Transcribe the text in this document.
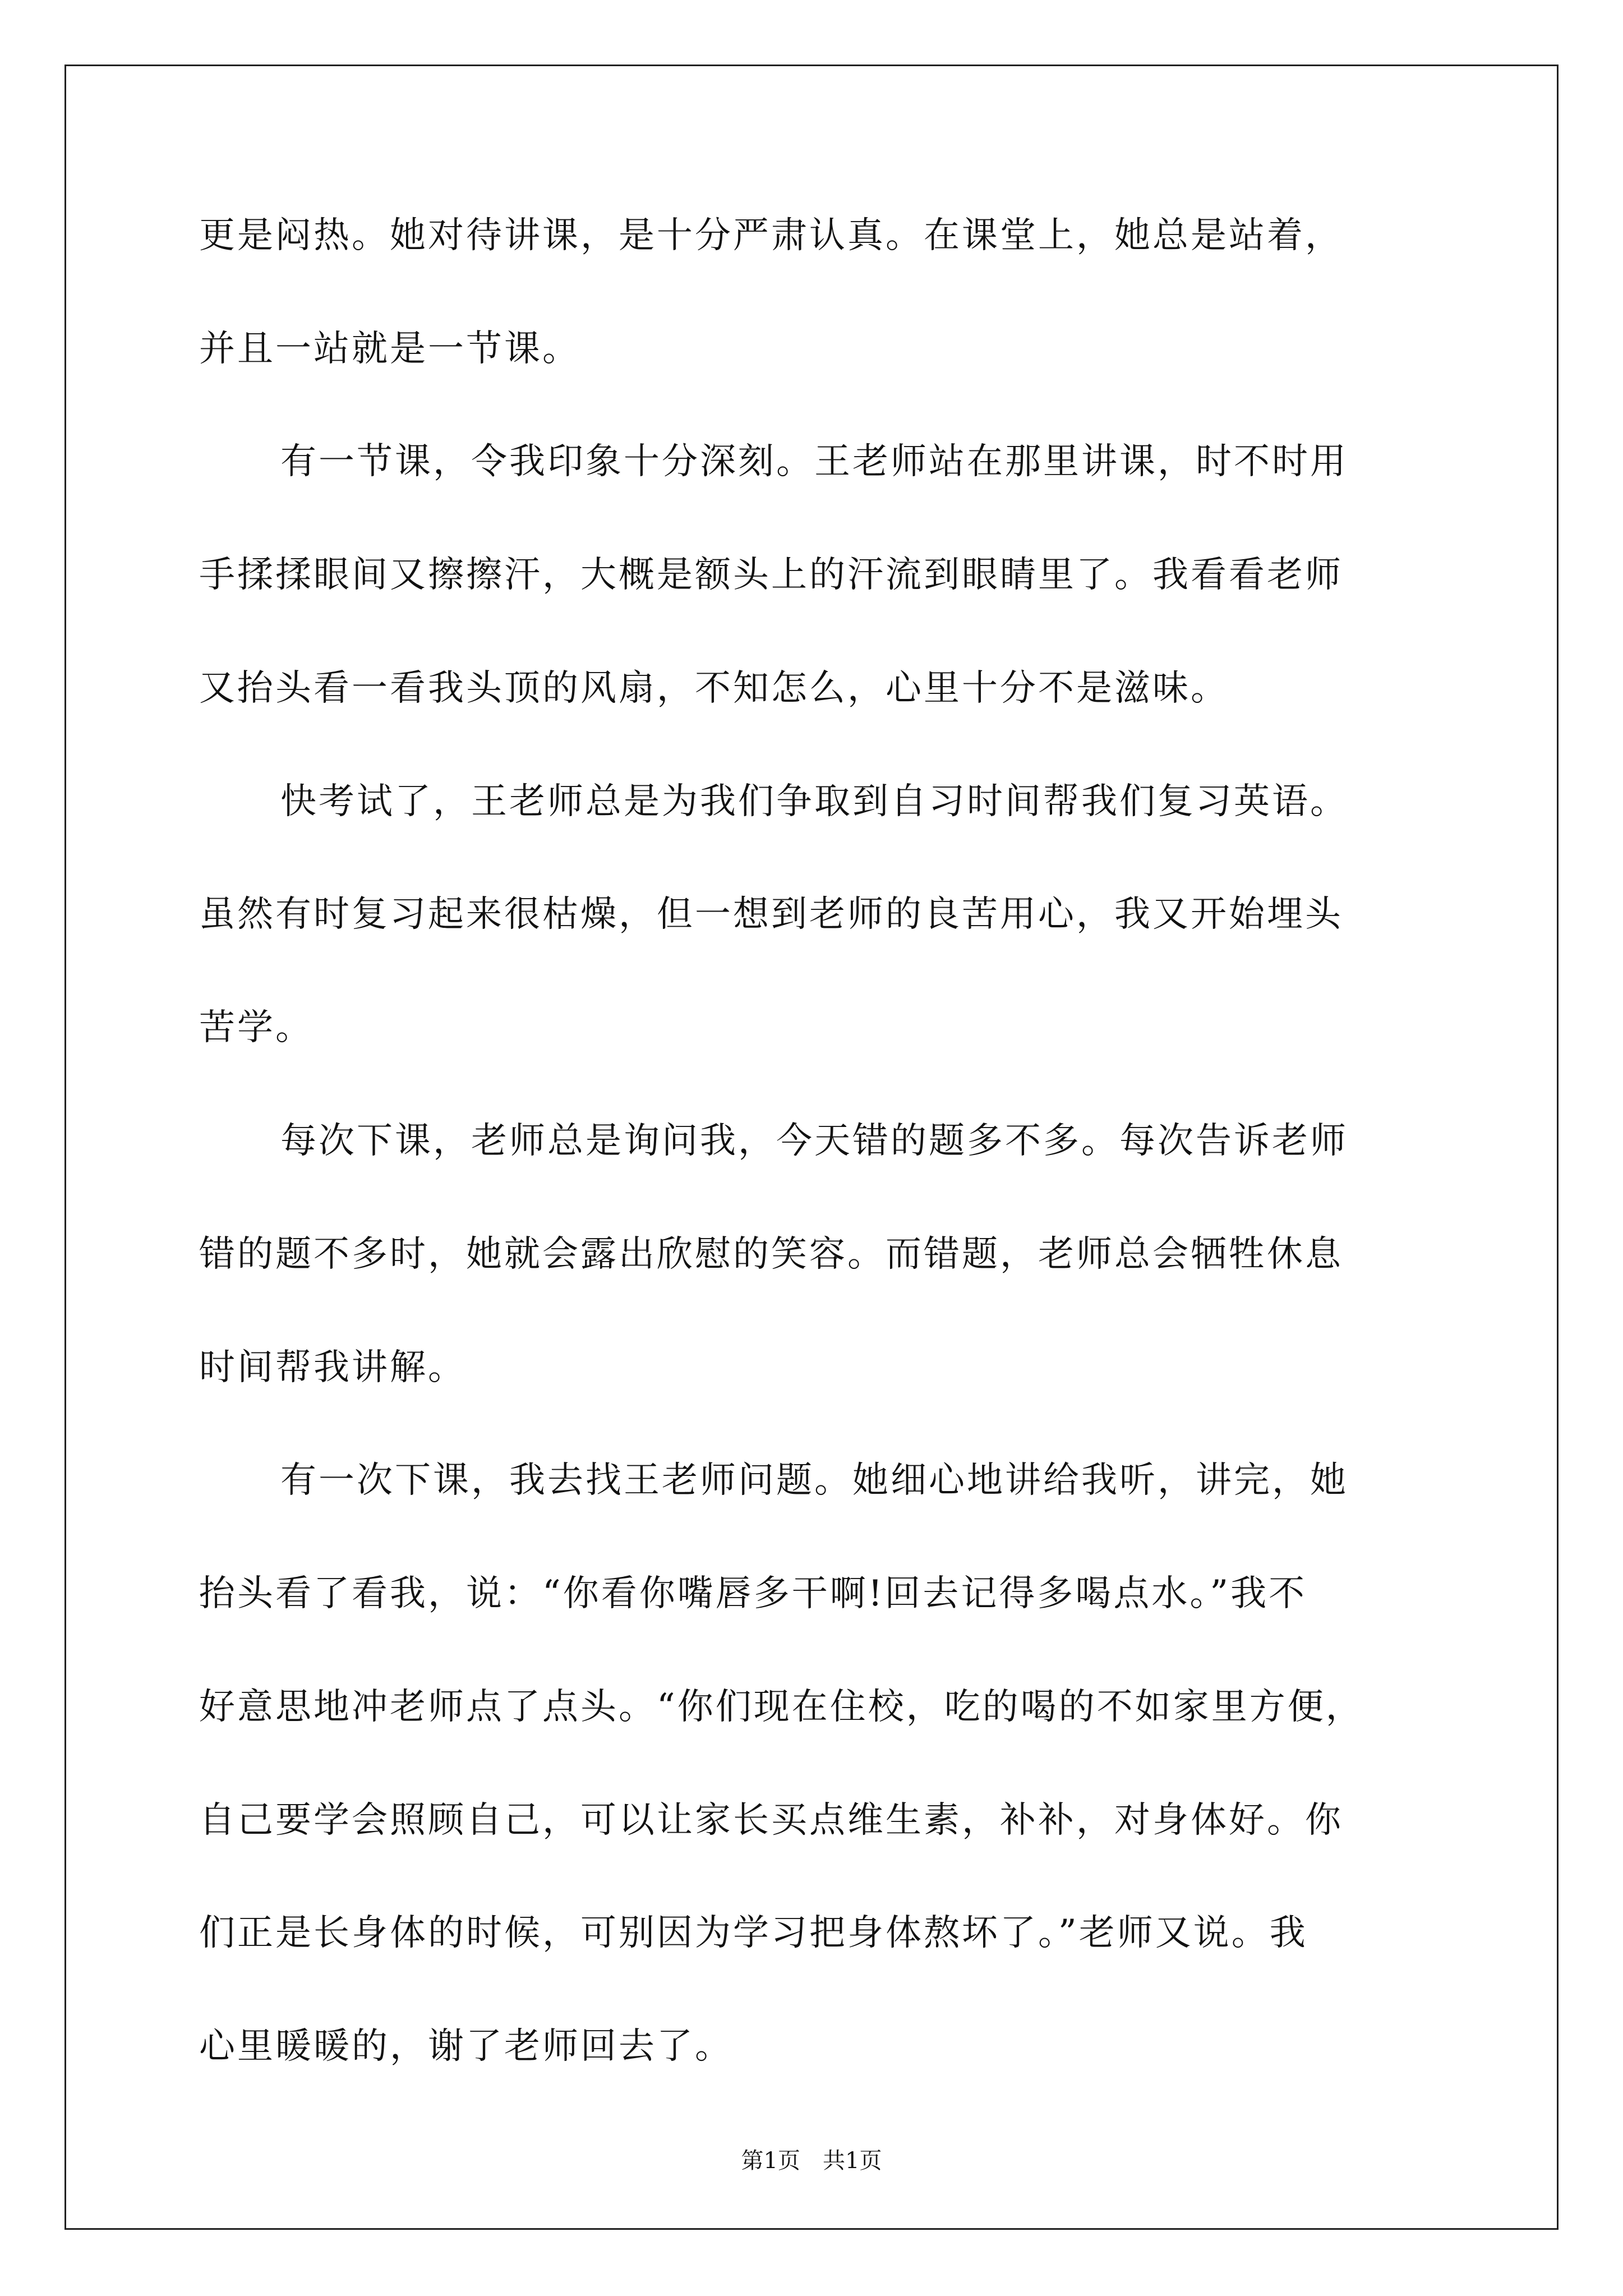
更是闷热。她对待讲课，是十分严肃认真。在课堂上，她总是站着，
并且一站就是一节课。
有一节课，令我印象十分深刻。王老师站在那里讲课，时不时用
手揉揉眼间又擦擦汗，大概是额头上的汗流到眼睛里了。我看看老师
又抬头看一看我头顶的风扇，不知怎么，心里十分不是滋味。
快考试了，王老师总是为我们争取到自习时间帮我们复习英语。
虽然有时复习起来很枯燥，但一想到老师的良苦用心，我又开始埋头
苦学。
每次下课，老师总是询问我，今天错的题多不多。每次告诉老师
错的题不多时，她就会露出欣慰的笑容。而错题，老师总会牺牲休息
时间帮我讲解。
有一次下课，我去找王老师问题。她细心地讲给我听，讲完，她
抬头看了看我，说：“你看你嘴唇多干啊!回去记得多喝点水。”我不
好意思地冲老师点了点头。“你们现在住校，吃的喝的不如家里方便，
自己要学会照顾自己，可以让家长买点维生素，补补，对身体好。你
们正是长身体的时候，可别因为学习把身体熬坏了。”老师又说。我
心里暖暖的，谢了老师回去了。
第1页　共1页
